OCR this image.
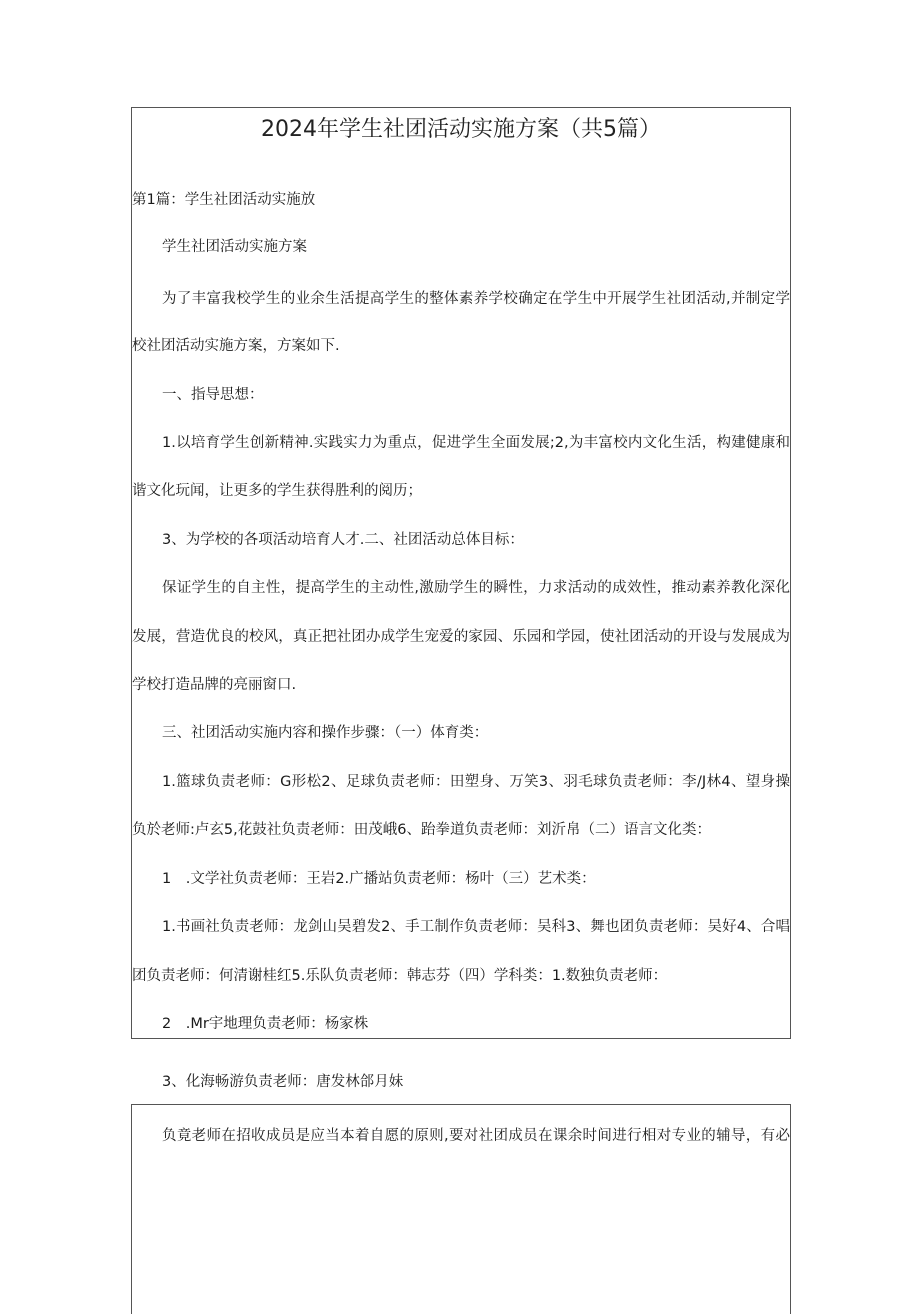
2024年学生社团活动实施方案（共5篇）
第1篇：学生社团活动实施放
学生社团活动实施方案
为了丰富我校学生的业余生活提高学生的整体素养学校确定在学生中开展学生社团活动,并制定学
校社团活动实施方案，方案如下.
一、指导思想：
1.以培育学生创新精神.实践实力为重点，促进学生全面发展;2,为丰富校内文化生活，构建健康和
谐文化玩闻，让更多的学生获得胜利的阅历；
3、为学校的各项活动培育人才.二、社团活动总体目标：
保证学生的自主性，提高学生的主动性,激励学生的瞬性，力求活动的成效性，推动素养教化深化
发展，营造优良的校风，真正把社团办成学生宠爱的家园、乐园和学园，使社团活动的开设与发展成为
学校打造品牌的亮丽窗口.
三、社团活动实施内容和操作步骤：（一）体育类：
1.篮球负责老师：G形松2、足球负责老师：田塑身、万笑3、羽毛球负责老师：李/J林4、望身操
负於老师:卢玄5,花鼓社负责老师：田茂峨6、跆拳道负责老师：刘沂帛（二）语言文化类：
1　.文学社负责老师：王岩2.广播站负责老师：杨叶（三）艺术类：
1.书画社负责老师：龙剑山吴碧发2、手工制作负责老师：吴科3、舞也团负责老师：吴好4、合唱
团负责老师：何清谢桂红5.乐队负责老师：韩志芬（四）学科类：1.数独负责老师：
2　.Mr宇地理负责老师：杨家株
3、化海畅游负责老师：唐发林郃月妹
负竟老师在招收成员是应当本着自愿的原则,要对社团成员在课余时间进行相对专业的辅导，有必
